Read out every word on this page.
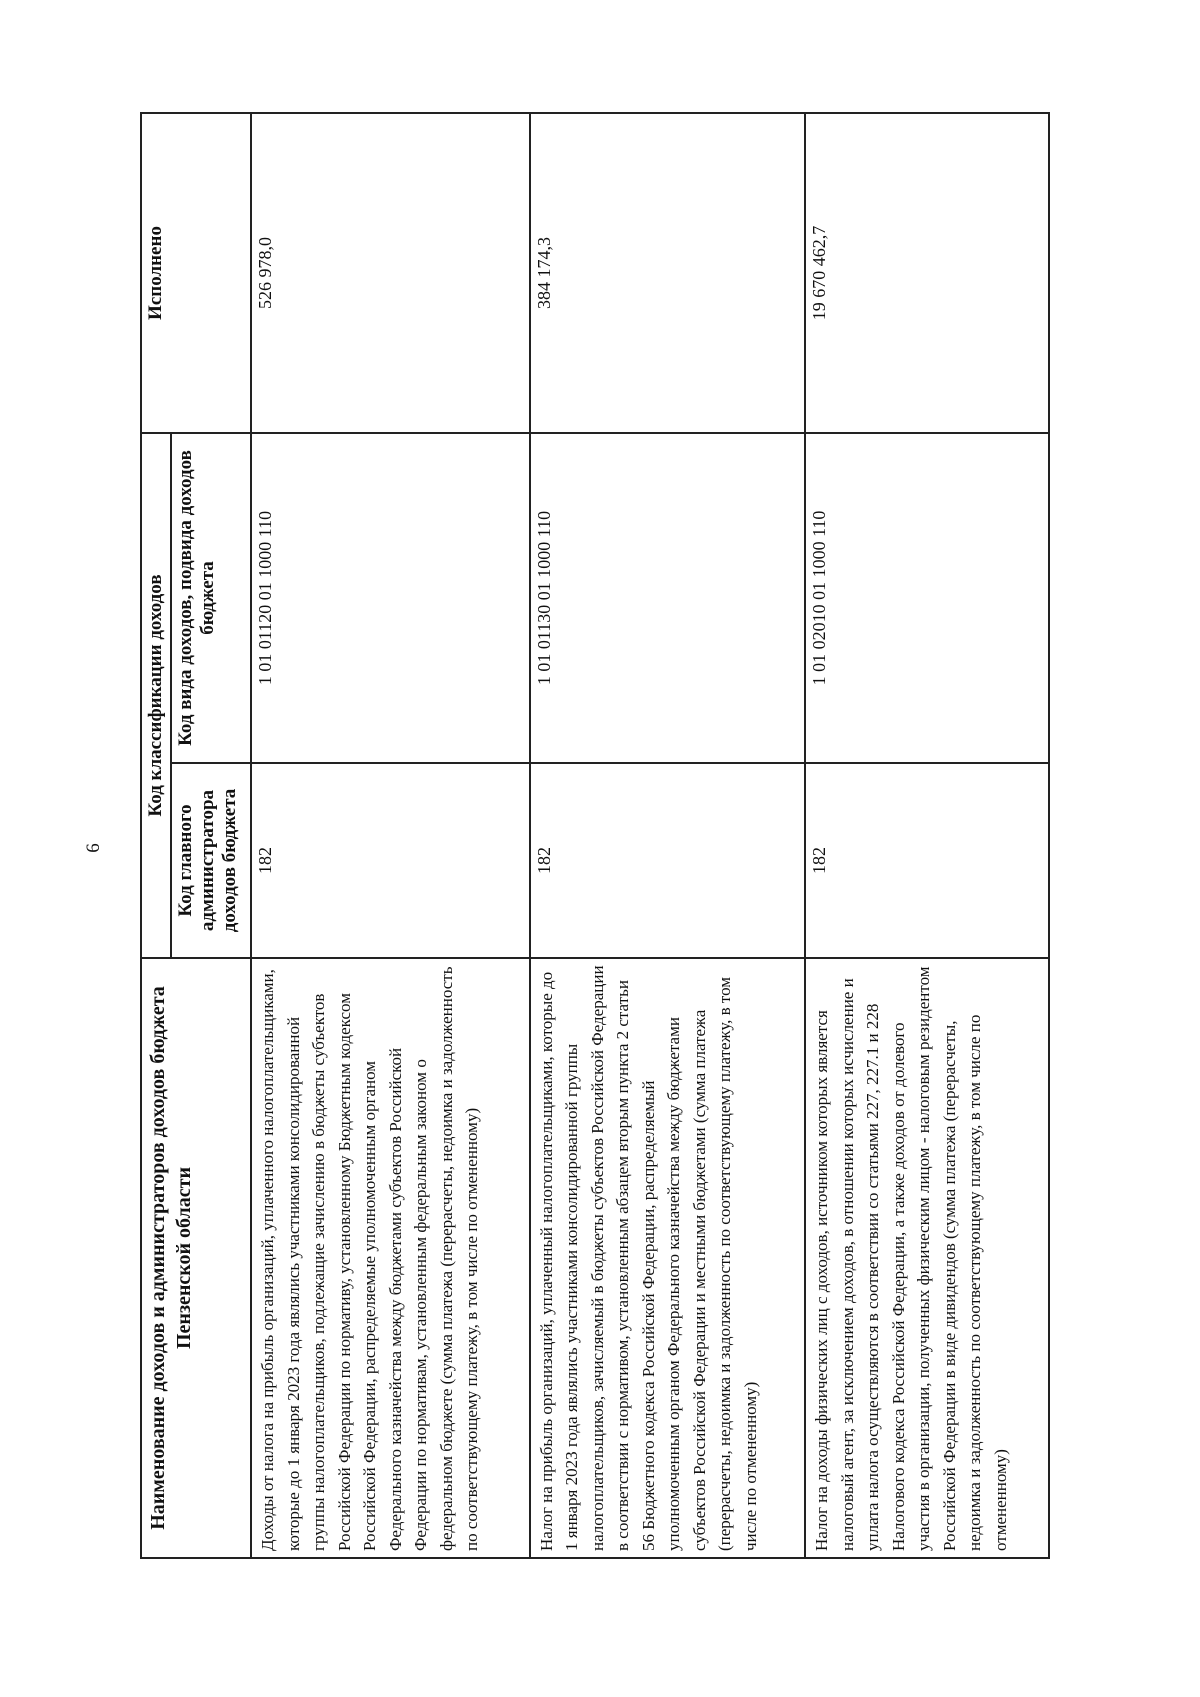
6
Наименование доходов и администраторов доходов бюджета Пензенской области	Код классификации доходов		Исполнено
	Код главного администратора доходов бюджета	Код вида доходов, подвида доходов бюджета	
Доходы от налога на прибыль организаций, уплаченного налогоплательщиками, которые до 1 января 2023 года являлись участниками консолидированной группы налогоплательщиков, подлежащие зачислению в бюджеты субъектов Российской Федерации по нормативу, установленному Бюджетным кодексом Российской Федерации, распределяемые уполномоченным органом Федерального казначейства между бюджетами субъектов Российской Федерации по нормативам, установленным федеральным законом о федеральном бюджете (сумма платежа (перерасчеты, недоимка и задолженность по соответствующему платежу, в том числе по отмененному)	182	1 01 01120 01 1000 110	526 978,0
Налог на прибыль организаций, уплаченный налогоплательщиками, которые до 1 января 2023 года являлись участниками консолидированной группы налогоплательщиков, зачисляемый в бюджеты субъектов Российской Федерации в соответствии с нормативом, установленным абзацем вторым пункта 2 статьи 56 Бюджетного кодекса Российской Федерации, распределяемый уполномоченным органом Федерального казначейства между бюджетами субъектов Российской Федерации и местными бюджетами (сумма платежа (перерасчеты, недоимка и задолженность по соответствующему платежу, в том числе по отмененному)	182	1 01 01130 01 1000 110	384 174,3
Налог на доходы физических лиц с доходов, источником которых является налоговый агент, за исключением доходов, в отношении которых исчисление и уплата налога осуществляются в соответствии со статьями 227, 227.1 и 228 Налогового кодекса Российской Федерации, а также доходов от долевого участия в организации, полученных физическим лицом - налоговым резидентом Российской Федерации в виде дивидендов (сумма платежа (перерасчеты, недоимка и задолженность по соответствующему платежу, в том числе по отмененному)	182	1 01 02010 01 1000 110	19 670 462,7
